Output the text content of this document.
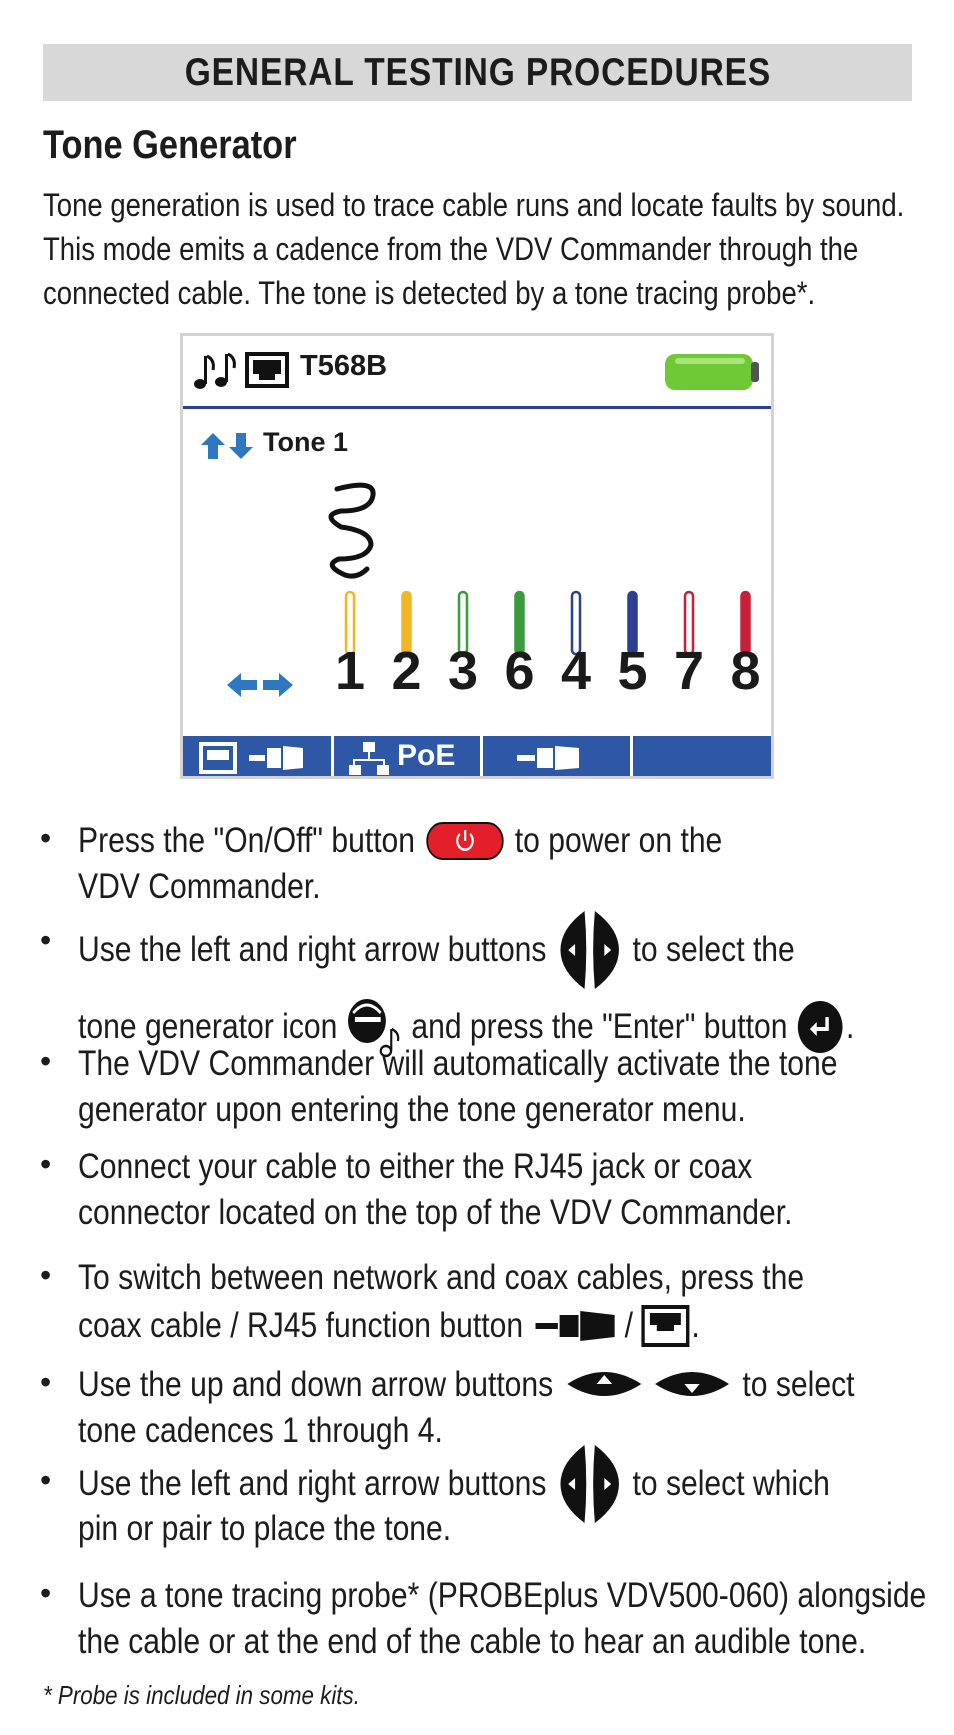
GENERAL TESTING PROCEDURES
Tone Generator
Tone generation is used to trace cable runs and locate faults by sound.
This mode emits a cadence from the VDV Commander through the
connected cable. The tone is detected by a tone tracing probe*.
T568B
Tone 1
1 2 3 6 4 5 7 8
PoE
• Press the "On/Off" button	to power on the
VDV Commander.
• Use the left and right arrow buttons to select the
tone generator icon and press the "Enter" button .
• The VDV Commander will automatically activate the tone
generator upon entering the tone generator menu.
• Connect your cable to either the RJ45 jack or coax
connector located on the top of the VDV Commander.
• To switch between network and coax cables, press the
coax cable / RJ45 function button	/ .
• Use the up and down arrow buttons	to select
tone cadences 1 through 4.
• Use the left and right arrow buttons to select which
pin or pair to place the tone.
• Use a tone tracing probe* (PROBEplus VDV500-060) alongside
the cable or at the end of the cable to hear an audible tone.
* Probe is included in some kits.
